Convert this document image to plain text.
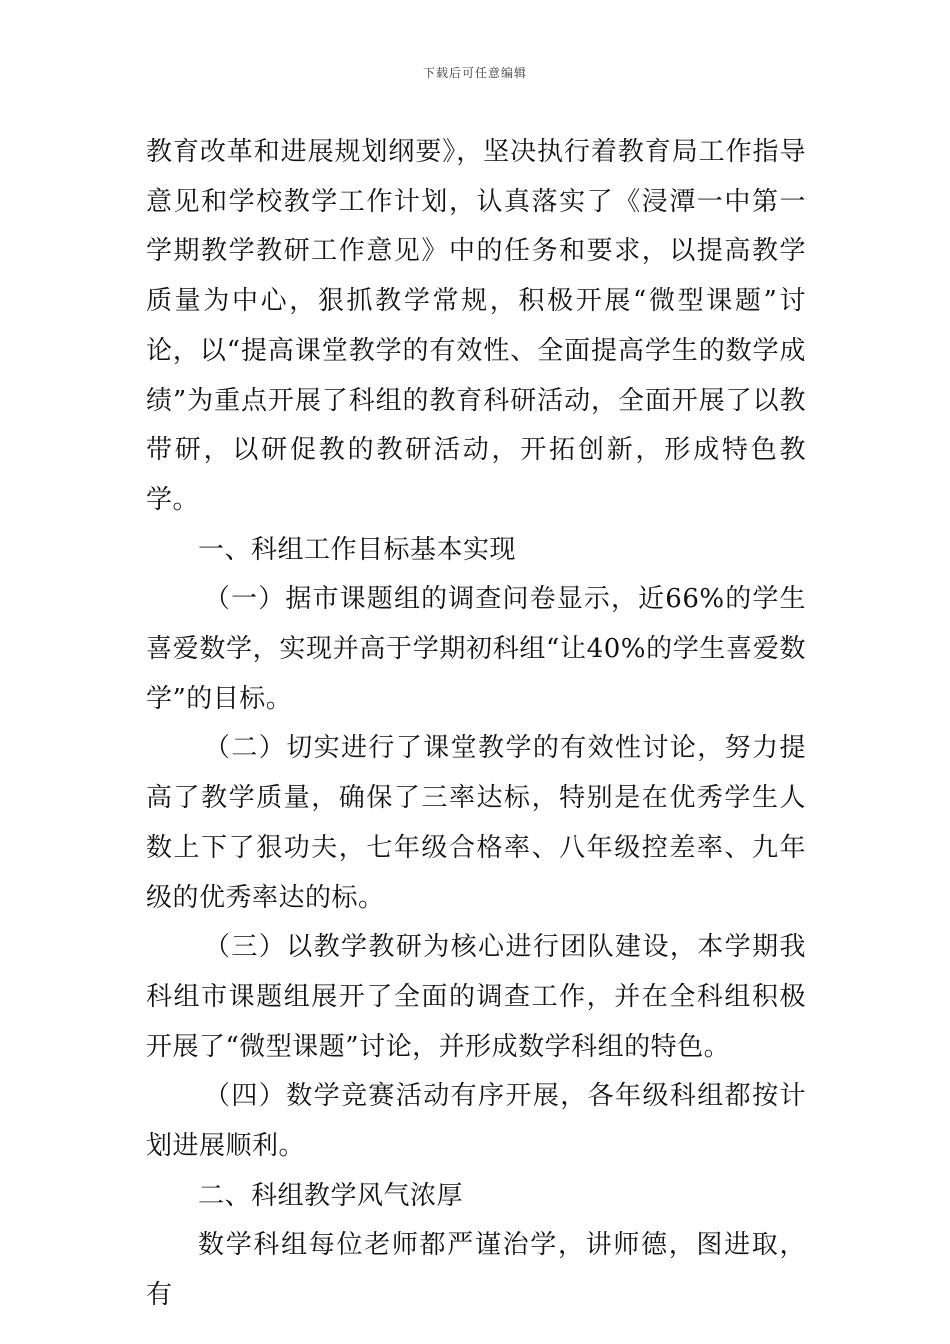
下载后可任意编辑

教育改革和进展规划纲要》，坚决执行着教育局工作指导意见和学校教学工作计划，认真落实了《浸潭一中第一学期教学教研工作意见》中的任务和要求，以提高教学质量为中心，狠抓教学常规，积极开展“微型课题”讨论，以“提高课堂教学的有效性、全面提高学生的数学成绩”为重点开展了科组的教育科研活动，全面开展了以教带研，以研促教的教研活动，开拓创新，形成特色教学。

一、科组工作目标基本实现

（一）据市课题组的调查问卷显示，近66%的学生喜爱数学，实现并高于学期初科组“让40%的学生喜爱数学”的目标。

（二）切实进行了课堂教学的有效性讨论，努力提高了教学质量，确保了三率达标，特别是在优秀学生人数上下了狠功夫，七年级合格率、八年级控差率、九年级的优秀率达的标。

（三）以教学教研为核心进行团队建设，本学期我科组市课题组展开了全面的调查工作，并在全科组积极开展了“微型课题”讨论，并形成数学科组的特色。

（四）数学竞赛活动有序开展，各年级科组都按计划进展顺利。

二、科组教学风气浓厚

数学科组每位老师都严谨治学，讲师德，图进取，有
